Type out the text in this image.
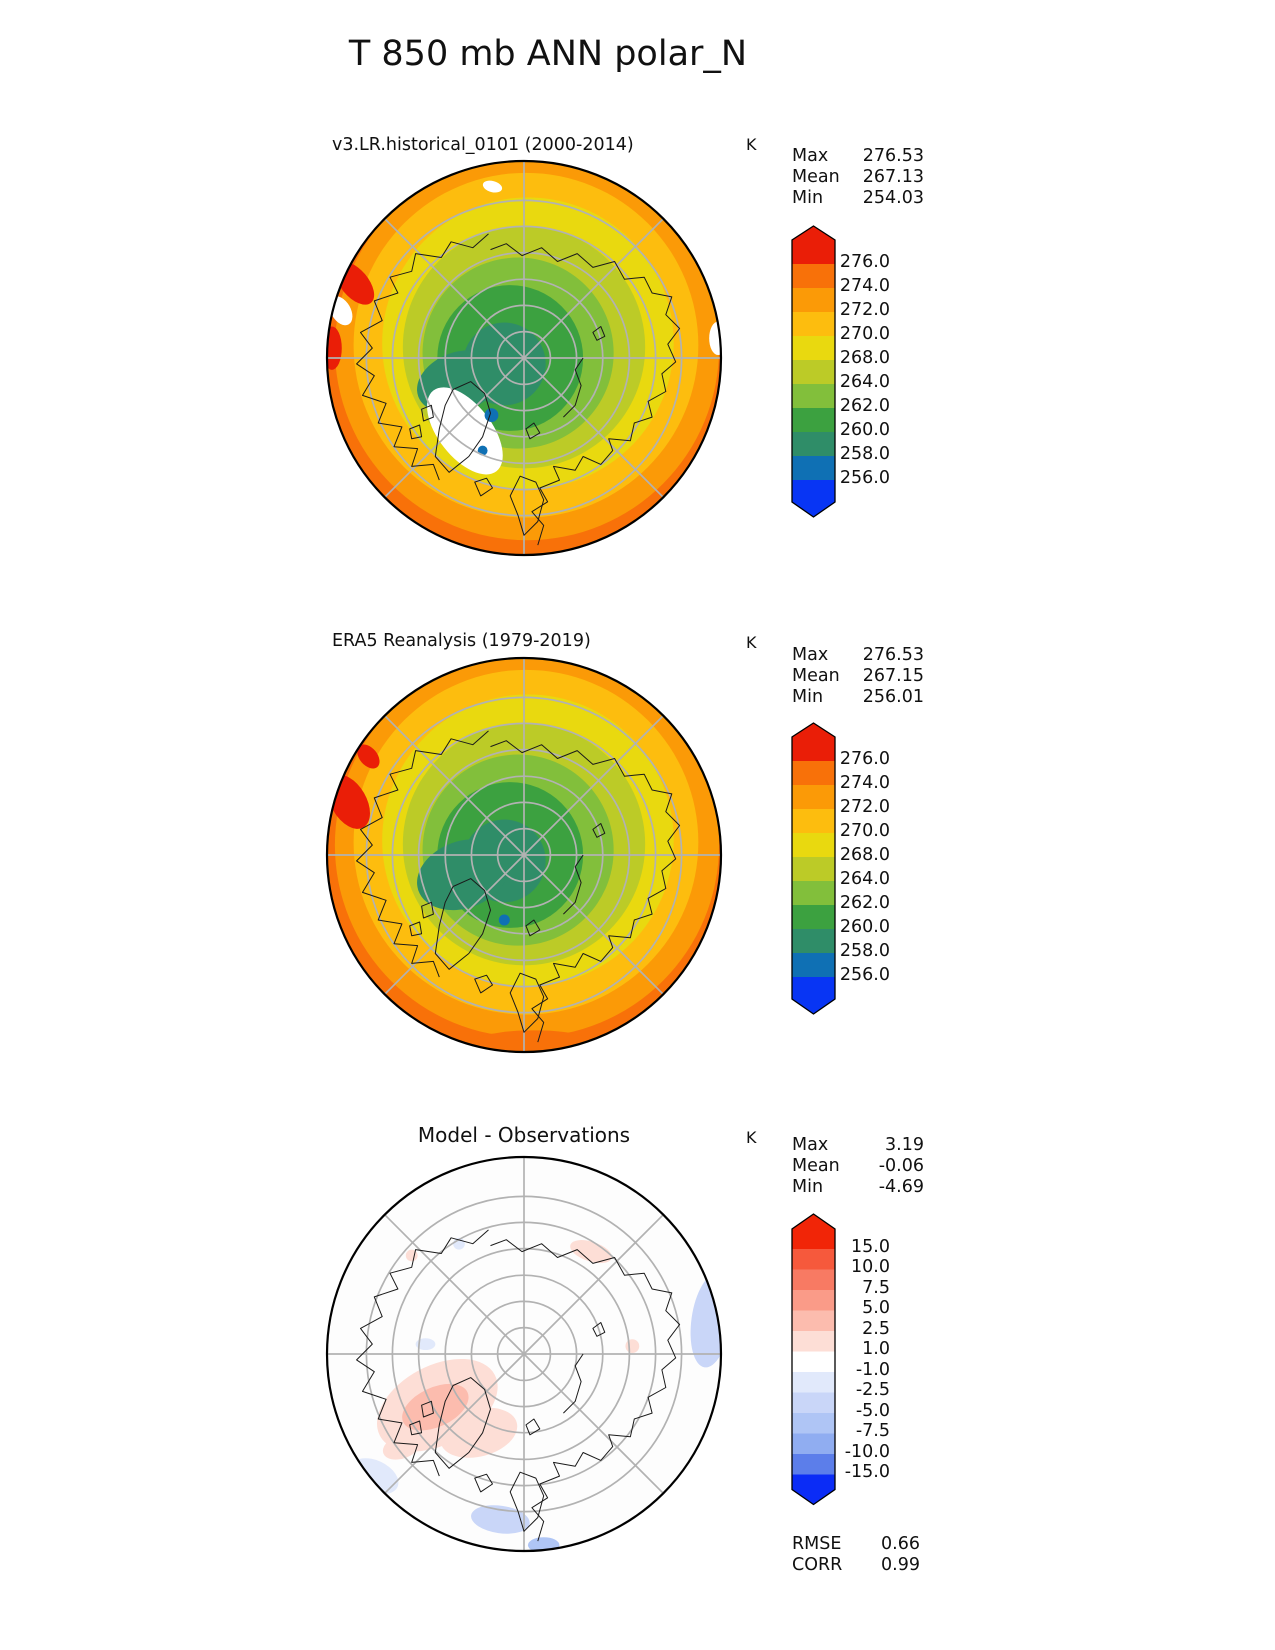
T 850 mb ANN polar_N
v3.LR.historical_0101 (2000-2014)	K
Max 276.53
Mean 267.13
Min 254.03
ERA5 Reanalysis (1979-2019)	K
Max 276.53
Mean 267.15
Min 256.01
Model - Observations	K Max	3.19
Mean -0.06
Min	-4.69
RMSE 0.66
CORR 0.99
276.0
274.0
272.0
270.0
268.0
264.0
262.0
260.0
258.0
256.0
276.0
274.0
272.0
270.0
268.0
264.0
262.0
260.0
258.0
256.0
15.0
10.0
7.5
5.0
2.5
1.0
-1.0
-2.5
-5.0
-7.5
-10.0
-15.0
